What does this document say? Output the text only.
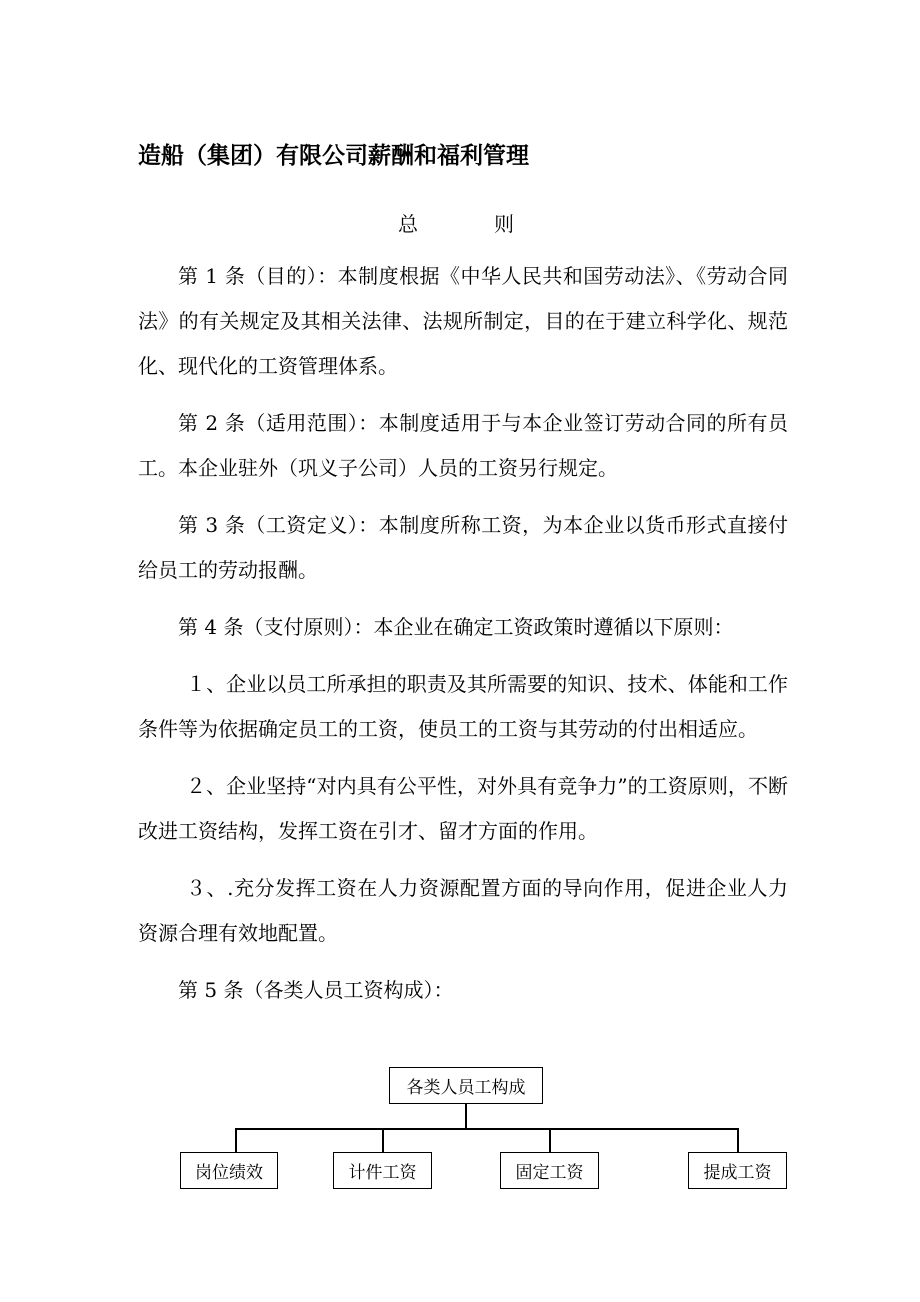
造船（集团）有限公司薪酬和福利管理
总　则

第 1 条（目的）：本制度根据《中华人民共和国劳动法》、《劳动合同法》的有关规定及其相关法律、法规所制定，目的在于建立科学化、规范化、现代化的工资管理体系。

第 2 条（适用范围）：本制度适用于与本企业签订劳动合同的所有员工。本企业驻外（巩义子公司）人员的工资另行规定。

第 3 条（工资定义）：本制度所称工资，为本企业以货币形式直接付给员工的劳动报酬。

第 4 条（支付原则）：本企业在确定工资政策时遵循以下原则：

１、企业以员工所承担的职责及其所需要的知识、技术、体能和工作条件等为依据确定员工的工资，使员工的工资与其劳动的付出相适应。

２、企业坚持“对内具有公平性，对外具有竞争力”的工资原则，不断改进工资结构，发挥工资在引才、留才方面的作用。

３、.充分发挥工资在人力资源配置方面的导向作用，促进企业人力资源合理有效地配置。

第 5 条（各类人员工资构成）：

各类人员工构成
岗位绩效	计件工资	固定工资	提成工资
